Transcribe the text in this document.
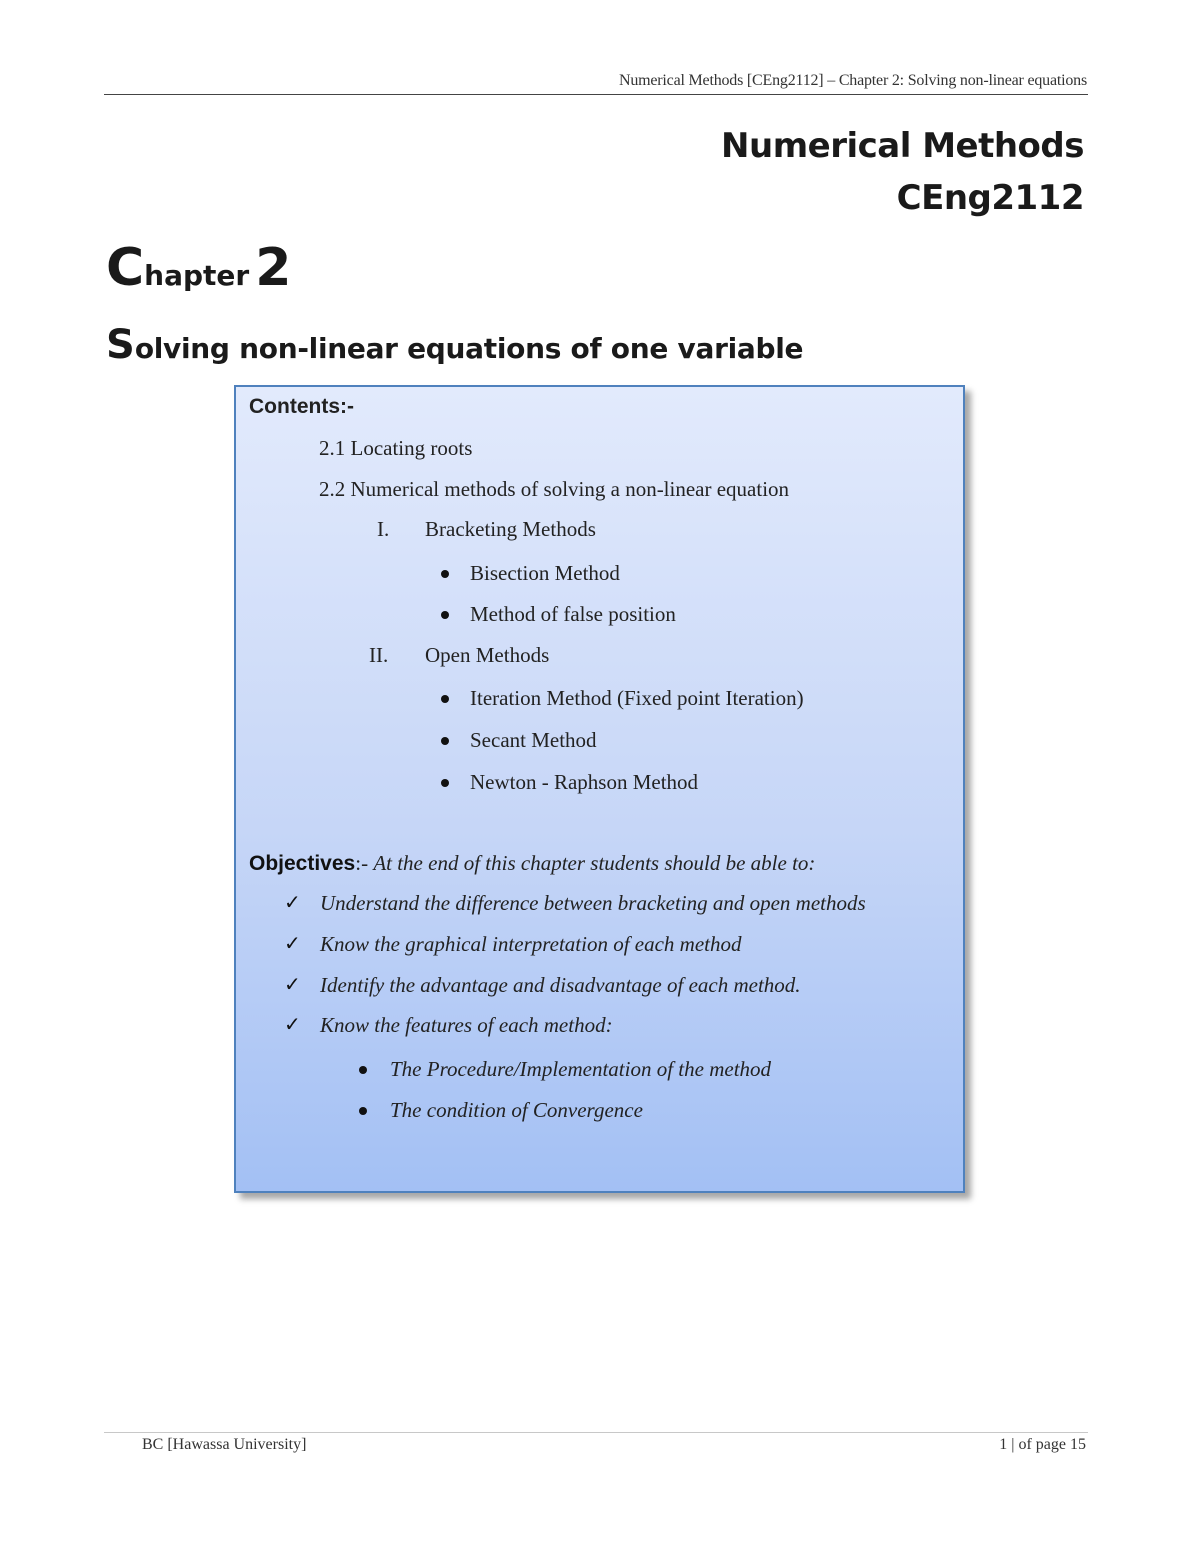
Numerical Methods [CEng2112] – Chapter 2: Solving non-linear equations
Numerical Methods
CEng2112
Chapter 2
Solving non-linear equations of one variable
Contents:-
2.1 Locating roots
2.2 Numerical methods of solving a non-linear equation
I. Bracketing Methods
Bisection Method
Method of false position
II. Open Methods
Iteration Method (Fixed point Iteration)
Secant Method
Newton - Raphson Method
Objectives:- At the end of this chapter students should be able to:
✓ Understand the difference between bracketing and open methods
✓ Know the graphical interpretation of each method
✓ Identify the advantage and disadvantage of each method.
✓ Know the features of each method:
The Procedure/Implementation of the method
The condition of Convergence
BC [Hawassa University]	1 | of page 15
